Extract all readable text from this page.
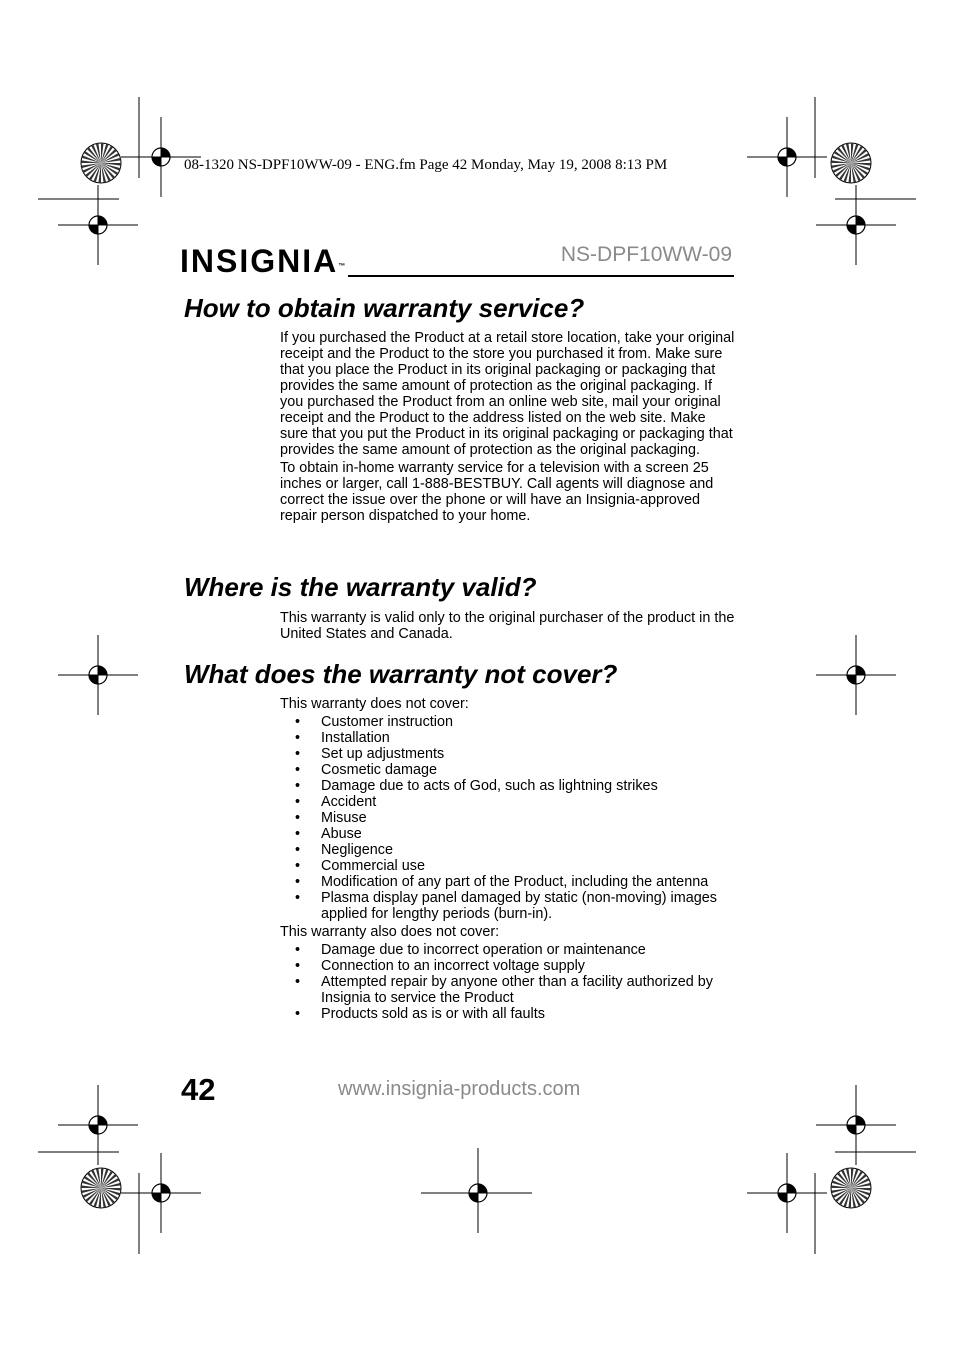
08-1320 NS-DPF10WW-09 - ENG.fm Page 42 Monday, May 19, 2008 8:13 PM
INSIGNIA™
NS-DPF10WW-09
How to obtain warranty service?

If you purchased the Product at a retail store location, take your original receipt and the Product to the store you purchased it from. Make sure that you place the Product in its original packaging or packaging that provides the same amount of protection as the original packaging. If you purchased the Product from an online web site, mail your original receipt and the Product to the address listed on the web site. Make sure that you put the Product in its original packaging or packaging that provides the same amount of protection as the original packaging.

To obtain in-home warranty service for a television with a screen 25 inches or larger, call 1-888-BESTBUY. Call agents will diagnose and correct the issue over the phone or will have an Insignia-approved repair person dispatched to your home.

Where is the warranty valid?

This warranty is valid only to the original purchaser of the product in the United States and Canada.

What does the warranty not cover?

This warranty does not cover:

• Customer instruction
• Installation
• Set up adjustments
• Cosmetic damage
• Damage due to acts of God, such as lightning strikes
• Accident
• Misuse
• Abuse
• Negligence
• Commercial use
• Modification of any part of the Product, including the antenna
• Plasma display panel damaged by static (non-moving) images applied for lengthy periods (burn-in).

This warranty also does not cover:

• Damage due to incorrect operation or maintenance
• Connection to an incorrect voltage supply
• Attempted repair by anyone other than a facility authorized by Insignia to service the Product
• Products sold as is or with all faults
42	www.insignia-products.com
